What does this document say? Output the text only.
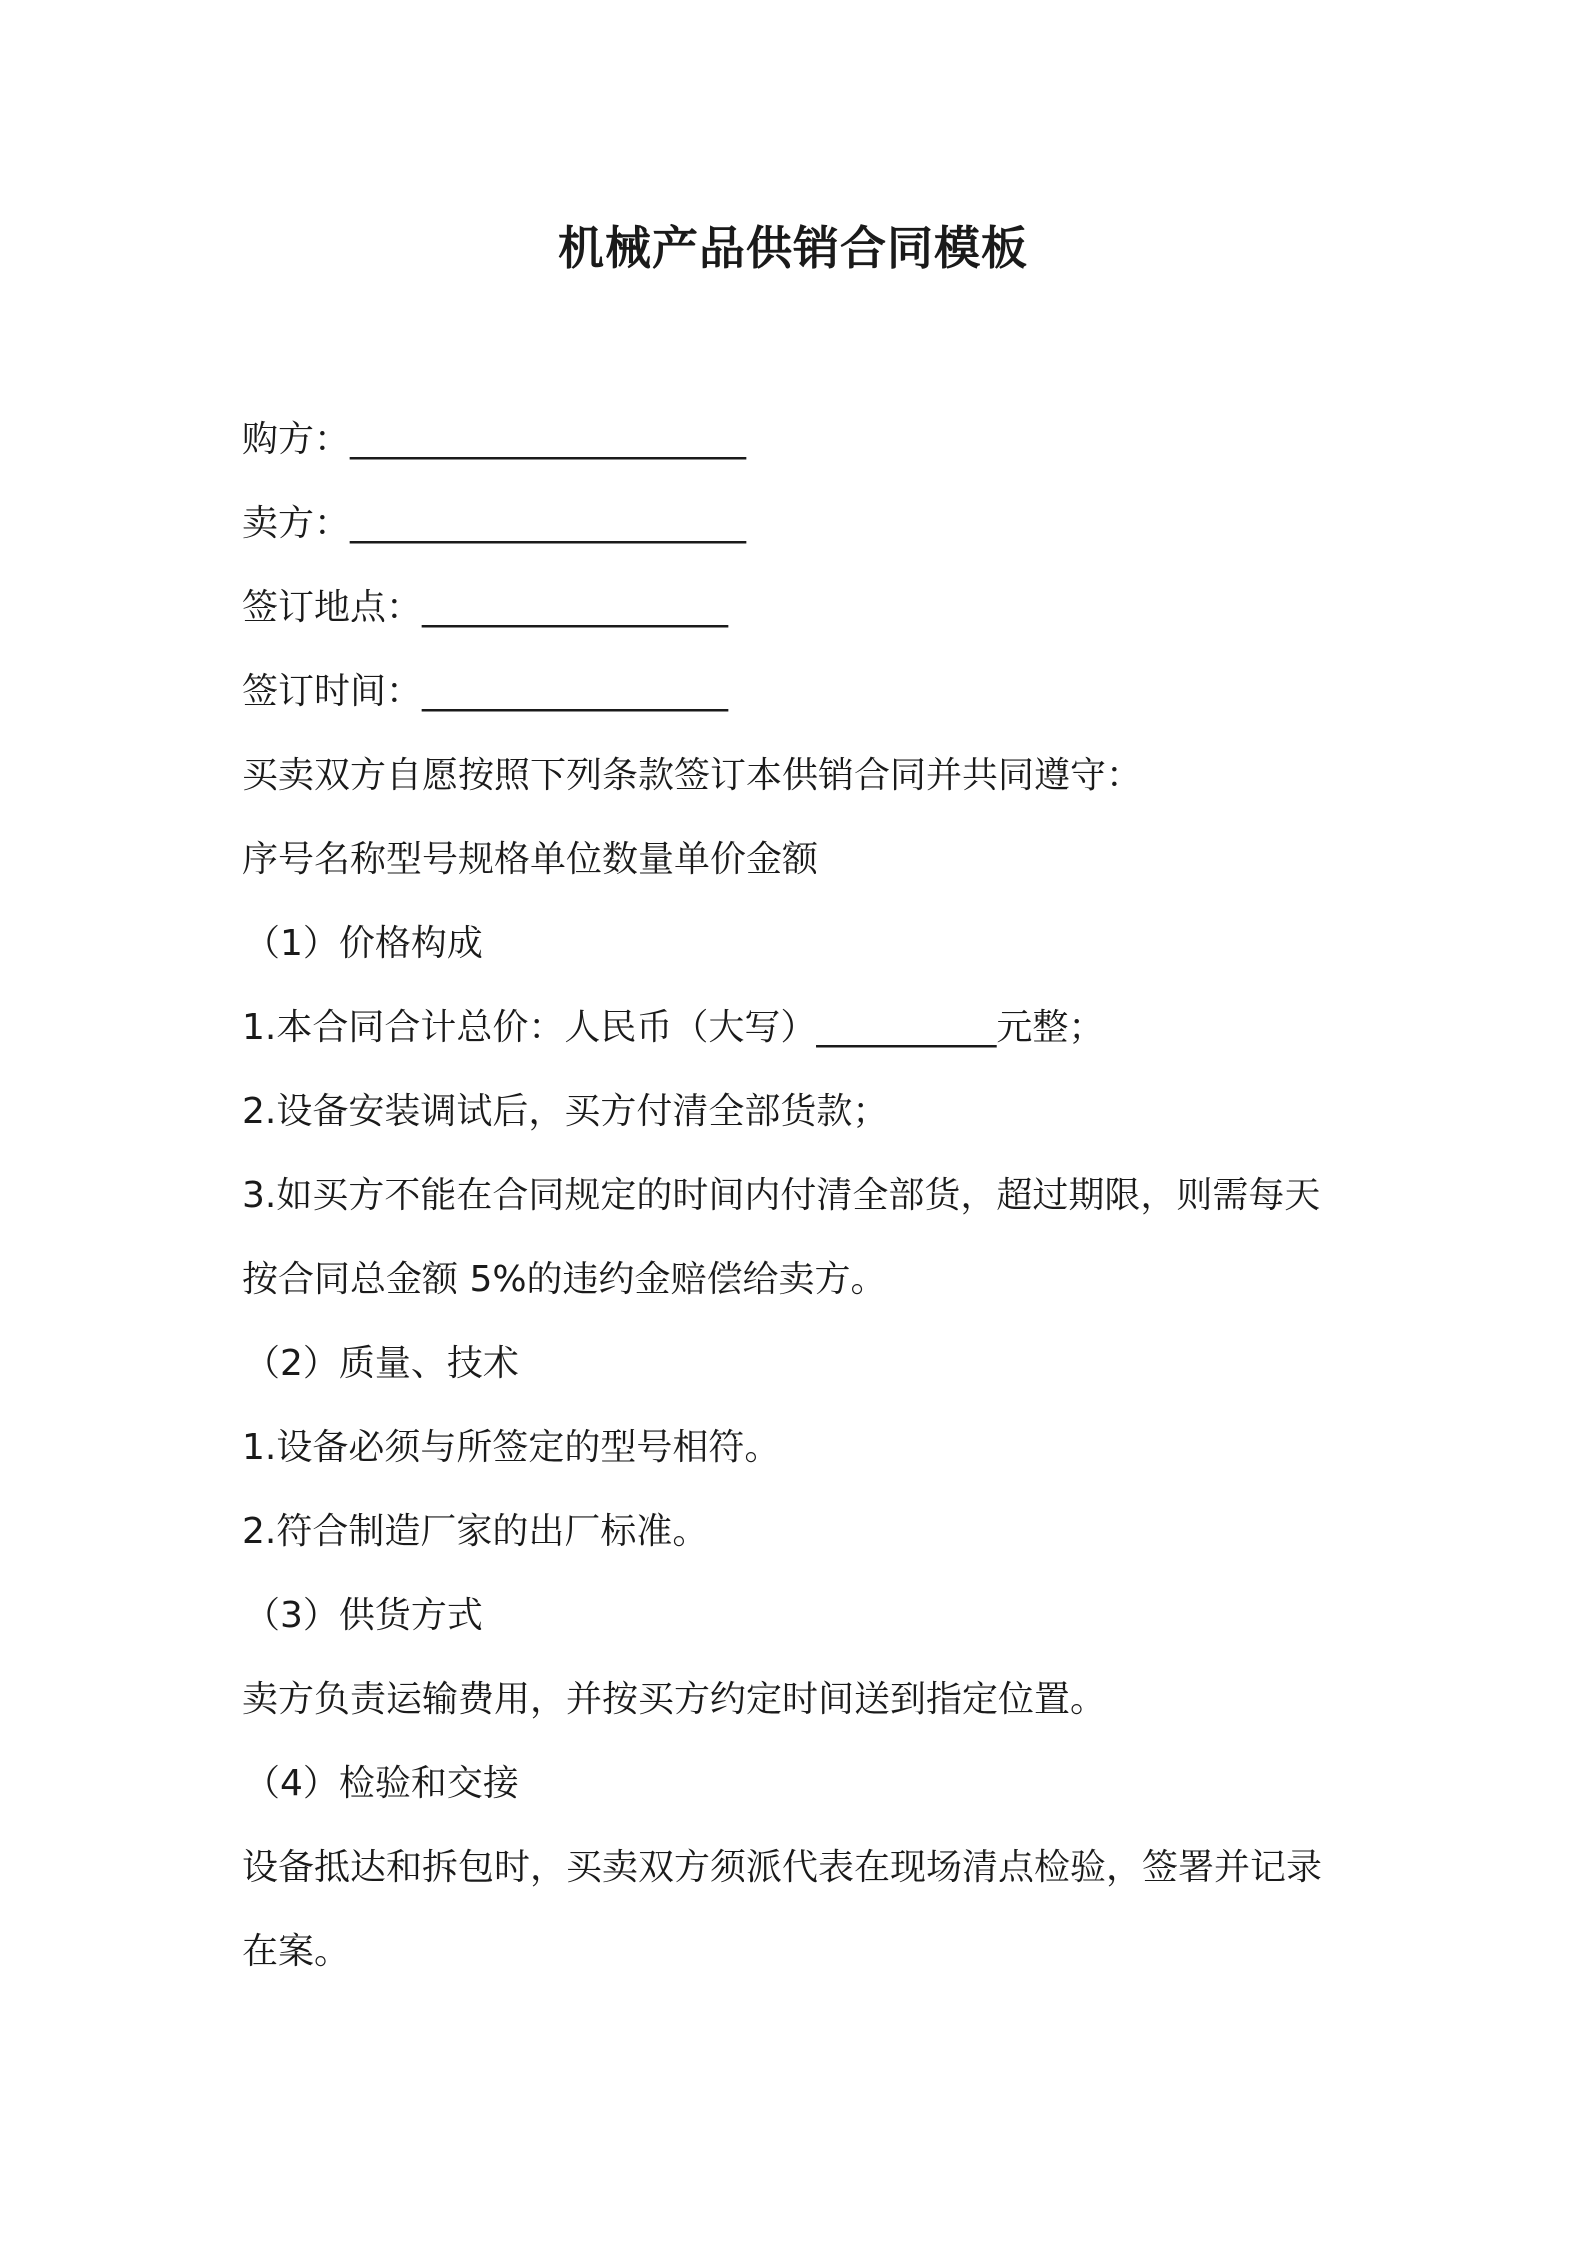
机械产品供销合同模板
购方：______________________
卖方：______________________
签订地点：_________________
签订时间：_________________
买卖双方自愿按照下列条款签订本供销合同并共同遵守：
序号名称型号规格单位数量单价金额
（1）价格构成
1.本合同合计总价：人民币（大写）__________元整；
2.设备安装调试后，买方付清全部货款；
3.如买方不能在合同规定的时间内付清全部货，超过期限，则需每天
按合同总金额 5%的违约金赔偿给卖方。
（2）质量、技术
1.设备必须与所签定的型号相符。
2.符合制造厂家的出厂标准。
（3）供货方式
卖方负责运输费用，并按买方约定时间送到指定位置。
（4）检验和交接
设备抵达和拆包时，买卖双方须派代表在现场清点检验，签署并记录
在案。
